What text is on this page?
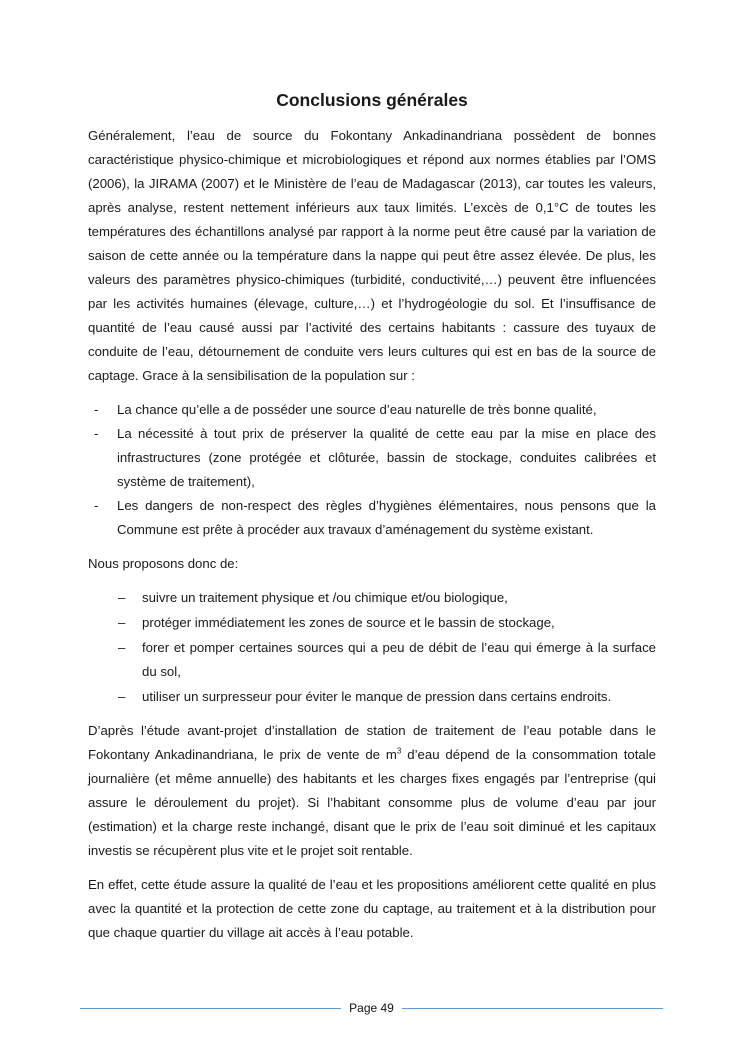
Conclusions générales

Généralement, l’eau de source du Fokontany Ankadinandriana possèdent de bonnes caractéristique physico-chimique et microbiologiques et répond aux normes établies par l’OMS (2006), la JIRAMA (2007) et le Ministère de l’eau de Madagascar (2013), car toutes les valeurs, après analyse, restent nettement inférieurs aux taux limités. L’excès de 0,1°C de toutes les températures des échantillons analysé par rapport à la norme peut être causé par la variation de saison de cette année ou la température dans la nappe qui peut être assez élevée. De plus, les valeurs des paramètres physico-chimiques (turbidité, conductivité,…) peuvent être influencées par les activités humaines (élevage, culture,…) et l’hydrogéologie du sol. Et l’insuffisance de quantité de l’eau causé aussi par l’activité des certains habitants : cassure des tuyaux de conduite de l’eau, détournement de conduite vers leurs cultures qui est en bas de la source de captage. Grace à la sensibilisation de la population sur :

- La chance qu’elle a de posséder une source d’eau naturelle de très bonne qualité,
- La nécessité à tout prix de préserver la qualité de cette eau par la mise en place des infrastructures (zone protégée et clôturée, bassin de stockage, conduites calibrées et système de traitement),
- Les dangers de non-respect des règles d’hygiènes élémentaires, nous pensons que la Commune est prête à procéder aux travaux d’aménagement du système existant.

Nous proposons donc de:

– suivre un traitement physique et /ou chimique et/ou biologique,
– protéger immédiatement les zones de source et le bassin de stockage,
– forer et pomper certaines sources qui a peu de débit de l’eau qui émerge à la surface du sol,
– utiliser un surpresseur pour éviter le manque de pression dans certains endroits.

D’après l’étude avant-projet d’installation de station de traitement de l’eau potable dans le Fokontany Ankadinandriana, le prix de vente de $m^3$ d’eau dépend de la consommation totale journalière (et même annuelle) des habitants et les charges fixes engagés par l’entreprise (qui assure le déroulement du projet). Si l’habitant consomme plus de volume d’eau par jour (estimation) et la charge reste inchangé, disant que le prix de l’eau soit diminué et les capitaux investis se récupèrent plus vite et le projet soit rentable.

En effet, cette étude assure la qualité de l’eau et les propositions améliorent cette qualité en plus avec la quantité et la protection de cette zone du captage, au traitement et à la distribution pour que chaque quartier du village ait accès à l’eau potable.

Page 49
